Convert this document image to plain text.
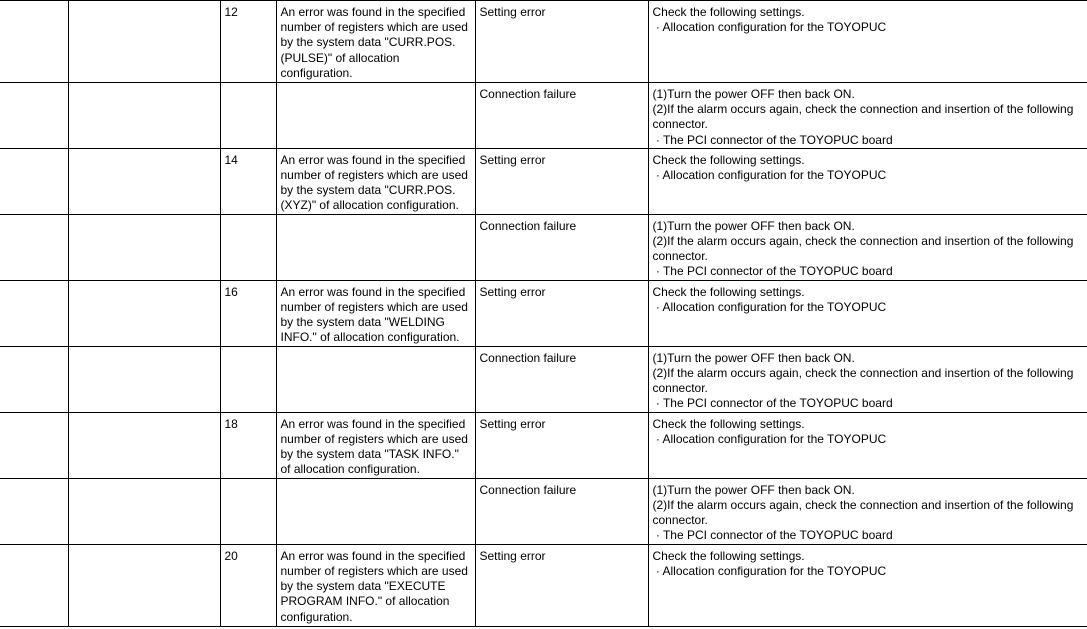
		12	An error was found in the specified
number of registers which are used
by the system data "CURR.POS.
(PULSE)" of allocation
configuration.	Setting error	Check the following settings.
· Allocation configuration for the TOYOPUC

				Connection failure	(1)Turn the power OFF then back ON.
(2)If the alarm occurs again, check the connection and insertion of the following
connector.
· The PCI connector of the TOYOPUC board

		14	An error was found in the specified
number of registers which are used
by the system data "CURR.POS.
(XYZ)" of allocation configuration.	Setting error	Check the following settings.
· Allocation configuration for the TOYOPUC

				Connection failure	(1)Turn the power OFF then back ON.
(2)If the alarm occurs again, check the connection and insertion of the following
connector.
· The PCI connector of the TOYOPUC board

		16	An error was found in the specified
number of registers which are used
by the system data "WELDING
INFO." of allocation configuration.	Setting error	Check the following settings.
· Allocation configuration for the TOYOPUC

				Connection failure	(1)Turn the power OFF then back ON.
(2)If the alarm occurs again, check the connection and insertion of the following
connector.
· The PCI connector of the TOYOPUC board

		18	An error was found in the specified
number of registers which are used
by the system data "TASK INFO."
of allocation configuration.	Setting error	Check the following settings.
· Allocation configuration for the TOYOPUC

				Connection failure	(1)Turn the power OFF then back ON.
(2)If the alarm occurs again, check the connection and insertion of the following
connector.
· The PCI connector of the TOYOPUC board

		20	An error was found in the specified
number of registers which are used
by the system data "EXECUTE
PROGRAM INFO." of allocation
configuration.	Setting error	Check the following settings.
· Allocation configuration for the TOYOPUC
